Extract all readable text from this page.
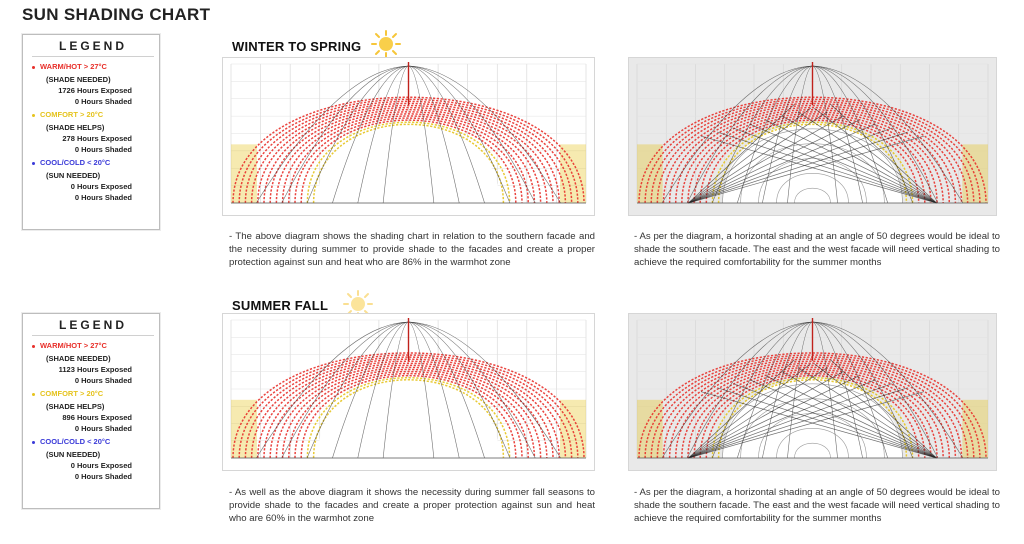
SUN SHADING CHART
LEGEND
WARM/HOT > 27°C
(SHADE NEEDED)
1726 Hours Exposed
0 Hours Shaded
COMFORT > 20°C
(SHADE HELPS)
278 Hours Exposed
0 Hours Shaded
COOL/COLD < 20°C
(SUN NEEDED)
0 Hours Exposed
0 Hours Shaded
WINTER TO SPRING
- The above diagram shows the shading chart in relation to the southern facade and the necessity during summer to provide shade to the facades and create a proper protection against sun and heat who are 86% in the warmhot zone
- As per the diagram, a horizontal shading at an angle of 50 degrees would be ideal to shade the southern facade. The east and the west facade will need vertical shading to achieve the required comfortability for the summer months
LEGEND
WARM/HOT > 27°C
(SHADE NEEDED)
1123 Hours Exposed
0 Hours Shaded
COMFORT > 20°C
(SHADE HELPS)
896 Hours Exposed
0 Hours Shaded
COOL/COLD < 20°C
(SUN NEEDED)
0 Hours Exposed
0 Hours Shaded
SUMMER FALL
- As well as the above diagram it shows the necessity during summer fall seasons to provide shade to the facades and create a proper protection against sun and heat who are 60% in the warmhot zone
- As per the diagram, a horizontal shading at an angle of 50 degrees would be ideal to shade the southern facade. The east and the west facade will need vertical shading to achieve the required comfortability for the summer months
